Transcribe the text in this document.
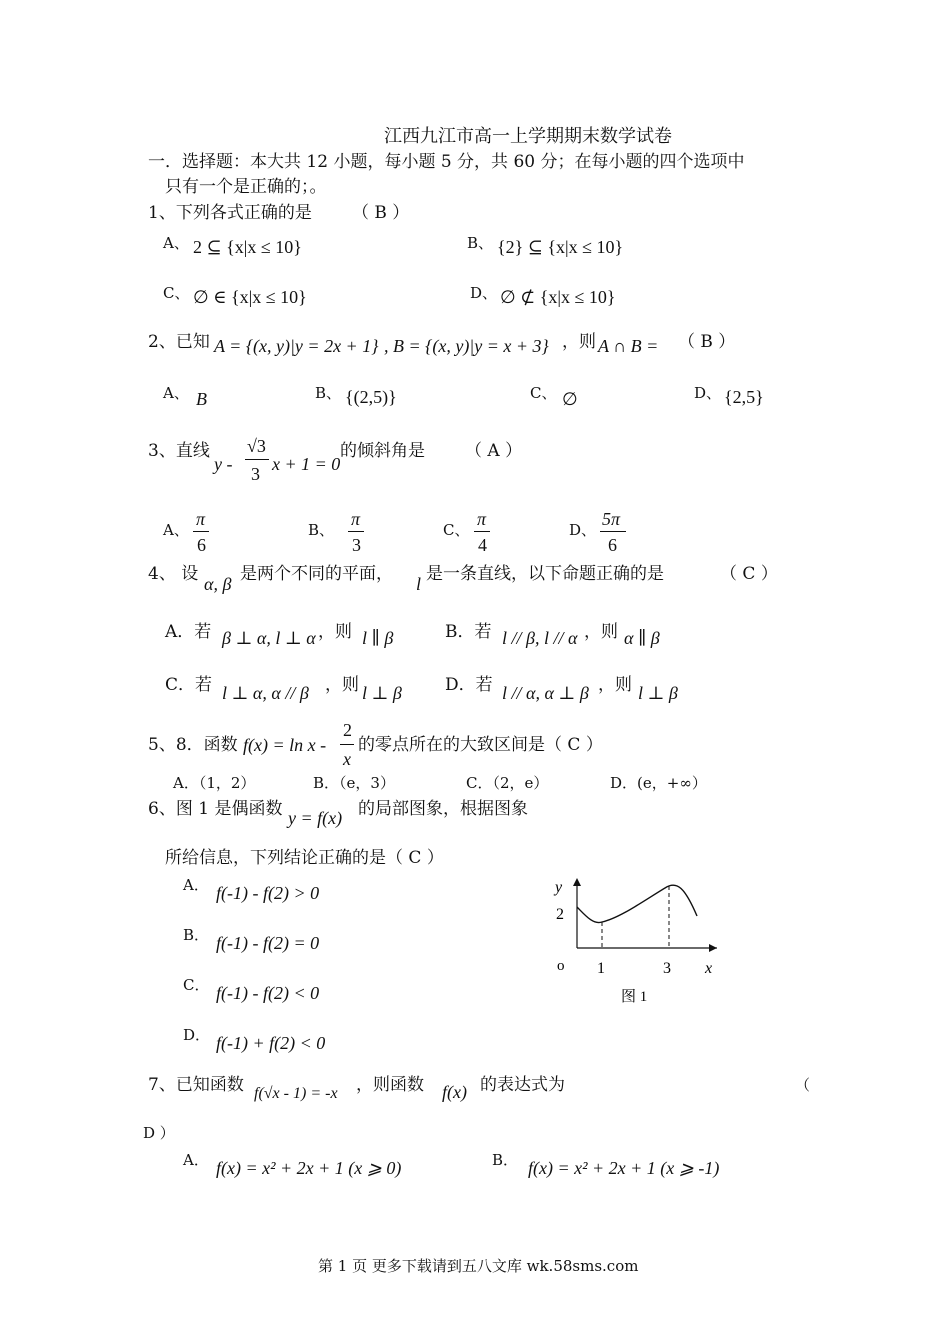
江西九江市高一上学期期末数学试卷
一．选择题：本大共 12 小题，每小题 5 分，共 60 分；在每小题的四个选项中
只有一个是正确的；。
1、下列各式正确的是 （ B ）
A、 2 ⊆ {x|x ≤ 10}	B、 {2} ⊆ {x|x ≤ 10}
C、 ∅ ∈ {x|x ≤ 10}	D、 ∅ ⊄ {x|x ≤ 10}
2、已知 A = {(x, y)|y = 2x + 1} , B = {(x, y)|y = x + 3} ，则 A ∩ B = （ B ）
A、 B	B、 {(2,5)}	C、 ∅	D、 {2,5}
3、直线
y -
√3
3 x + 1 = 0
的倾斜角是 （ A ）
A、
π
6
B、
π
3
C、
π
4
D、
5π
6
4、 设 α, β 是两个不同的平面， l 是一条直线，以下命题正确的是	（ C ）
A．若 β ⊥ α, l ⊥ α ，则 l ∥ β	B．若 l // β, l // α ，则 α ∥ β
C．若 l ⊥ α, α // β ，则 l ⊥ β	D．若 l // α, α ⊥ β ，则 l ⊥ β
5、8．函数 f(x) = ln x -
2
x
的零点所在的大致区间是（ C ）
A．（1，2）	B．（e，3）	C．（2，e）	D．(e，+∞）
6、图 1 是偶函数 y = f(x) 的局部图象，根据图象
所给信息，下列结论正确的是（ C ）
A． f(-1) - f(2) > 0
B． f(-1) - f(2) = 0
C． f(-1) - f(2) < 0
D． f(-1) + f(2) < 0
y
2
o 1	3 x
图 1
7、已知函数 f(√x - 1) = -x ，则函数 f(x) 的表达式为	（
D ）
A． f(x) = x² + 2x + 1 (x ⩾ 0)	B． f(x) = x² + 2x + 1 (x ⩾ -1)
第 1 页 更多下载请到五八文库 wk.58sms.com
